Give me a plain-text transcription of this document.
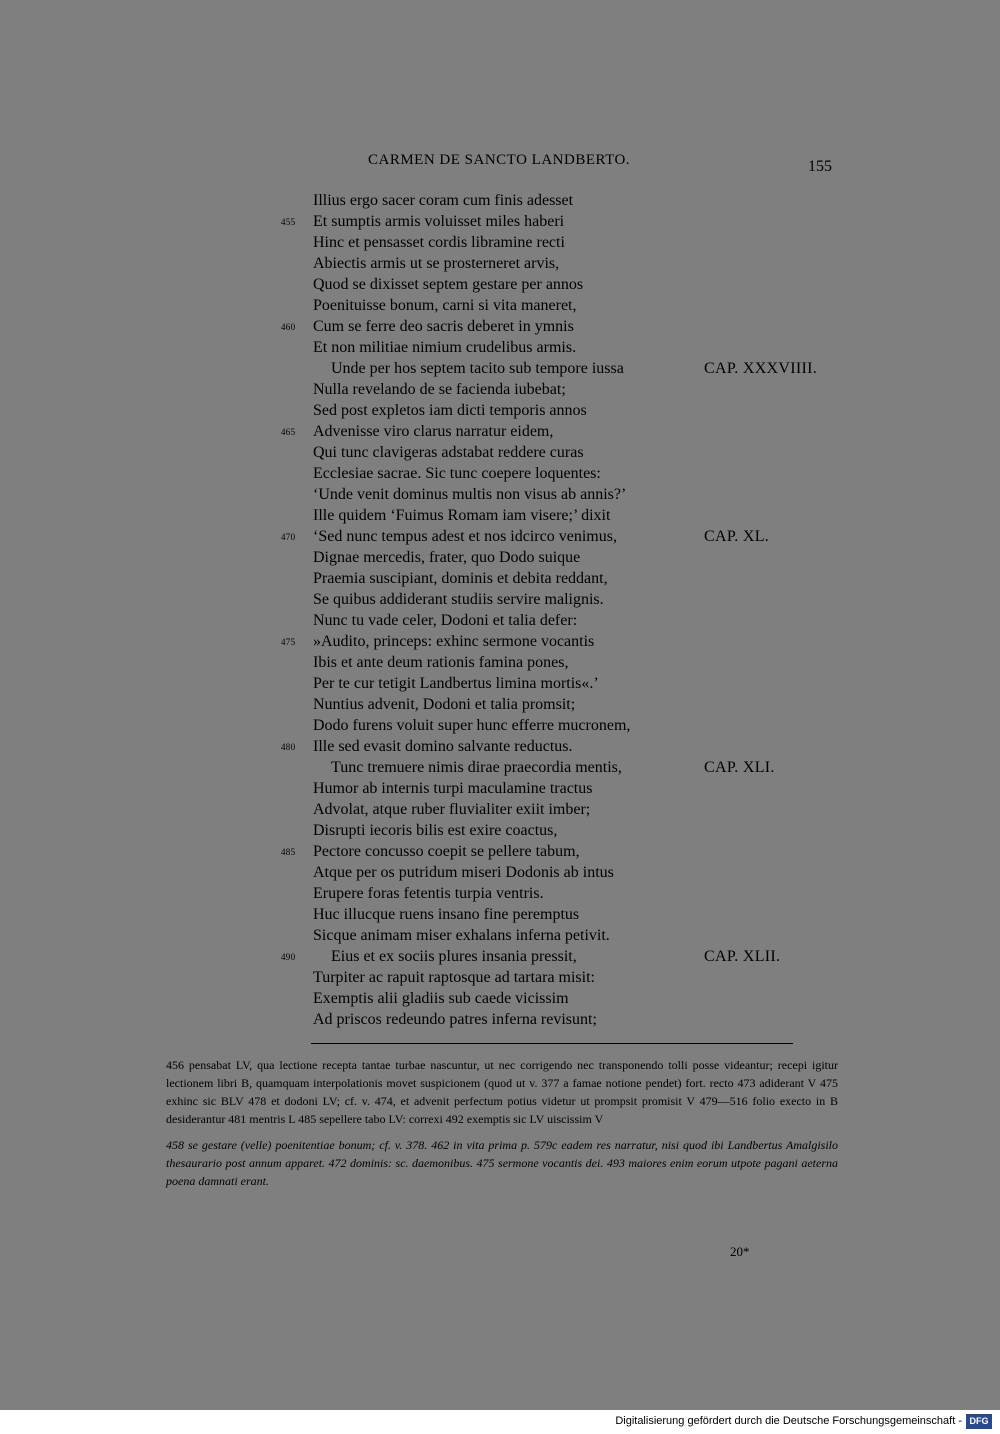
CARMEN DE SANCTO LANDBERTO.	155
Illius ergo sacer coram cum finis adesset
455 Et sumptis armis voluisset miles haberi
Hinc et pensasset cordis libramine recti
Abiectis armis ut se prosterneret arvis,
Quod se dixisset septem gestare per annos
Poenituisse bonum, carni si vita maneret,
460 Cum se ferre deo sacris deberet in ymnis
Et non militiae nimium crudelibus armis.
Unde per hos septem tacito sub tempore iussa	CAP. XXXVIIII.
Nulla revelando de se facienda iubebat;
Sed post expletos iam dicti temporis annos
465 Advenisse viro clarus narratur eidem,
Qui tunc clavigeras adstabat reddere curas
Ecclesiae sacrae. Sic tunc coepere loquentes:
‘Unde venit dominus multis non visus ab annis?’
Ille quidem ‘Fuimus Romam iam visere;’ dixit
470 ‘Sed nunc tempus adest et nos idcirco venimus,	CAP. XL.
Dignae mercedis, frater, quo Dodo suique
Praemia suscipiant, dominis et debita reddant,
Se quibus addiderant studiis servire malignis.
Nunc tu vade celer, Dodoni et talia defer:
475 »Audito, princeps: exhinc sermone vocantis
Ibis et ante deum rationis famina pones,
Per te cur tetigit Landbertus limina mortis«.’
Nuntius advenit, Dodoni et talia promsit;
Dodo furens voluit super hunc efferre mucronem,
480 Ille sed evasit domino salvante reductus.
Tunc tremuere nimis dirae praecordia mentis,	CAP. XLI.
Humor ab internis turpi maculamine tractus
Advolat, atque ruber fluvialiter exiit imber;
Disrupti iecoris bilis est exire coactus,
485 Pectore concusso coepit se pellere tabum,
Atque per os putridum miseri Dodonis ab intus
Erupere foras fetentis turpia ventris.
Huc illucque ruens insano fine peremptus
Sicque animam miser exhalans inferna petivit.
490 Eius et ex sociis plures insania pressit,	CAP. XLII.
Turpiter ac rapuit raptosque ad tartara misit:
Exemptis alii gladiis sub caede vicissim
Ad priscos redeundo patres inferna revisunt;

456 pensabat LV, qua lectione recepta tantae turbae nascuntur, ut nec corrigendo nec transponendo tolli posse videantur; recepi igitur lectionem libri B, quamquam interpolationis movet suspicionem (quod ut v. 377 a famae notione pendet) fort. recto 473 adiderant V 475 exhinc sic BLV 478 et dodoni LV; cf. v. 474, et advenit perfectum potius videtur ut prompsit promisit V 479—516 folio execto in B desiderantur 481 mentris L 485 sepellere tabo LV: correxi 492 exemptis sic LV uiscissim V

458 se gestare (velle) poenitentiae bonum; cf. v. 378. 462 in vita prima p. 579c eadem res narratur, nisi quod ibi Landbertus Amalgisilo thesaurario post annum apparet. 472 dominis: sc. daemonibus. 475 sermone vocantis dei. 493 maiores enim eorum utpote pagani aeterna poena damnati erant.

20*
Digitalisierung gefördert durch die Deutsche Forschungsgemeinschaft - DFG
